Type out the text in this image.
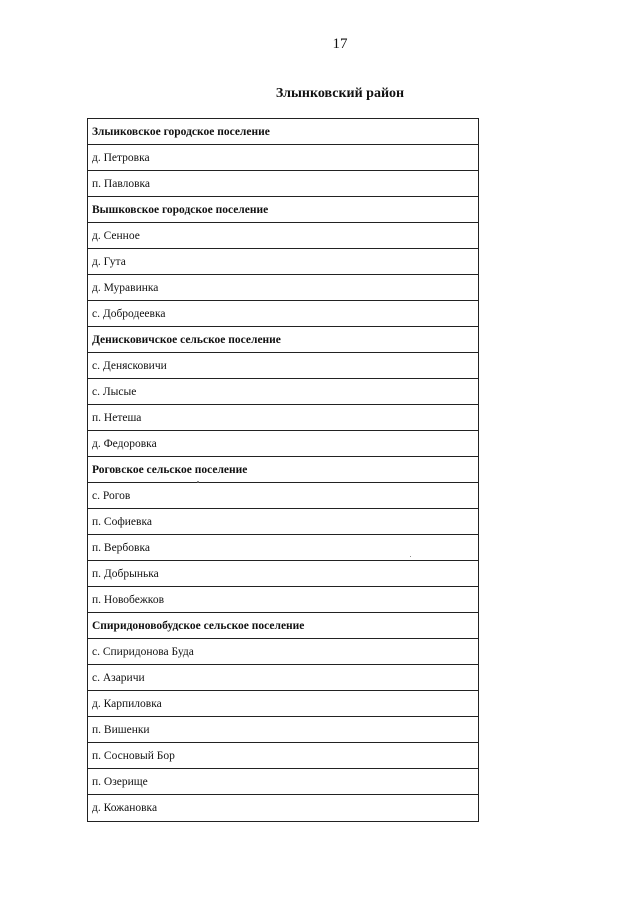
17
Злынковский район
Злыиковское городское поселение
д. Петровка
п. Павловка
Вышковское городское поселение
д. Сенное
д. Гута
д. Муравинка
с. Добродеевка
Денисковичское сельское поселение
с. Денясковичи
с. Лысые
п. Нетеша
д. Федоровка
Роговское сельское поселение
с. Рогов
п. Софиевка
п. Вербовка
п. Добрынька
п. Новобежков
Спиридоновобудское сельское поселение
с. Спиридонова Буда
с. Азаричи
д. Карпиловка
п. Вишенки
п. Сосновый Бор
п. Озерище
д. Кожановка
